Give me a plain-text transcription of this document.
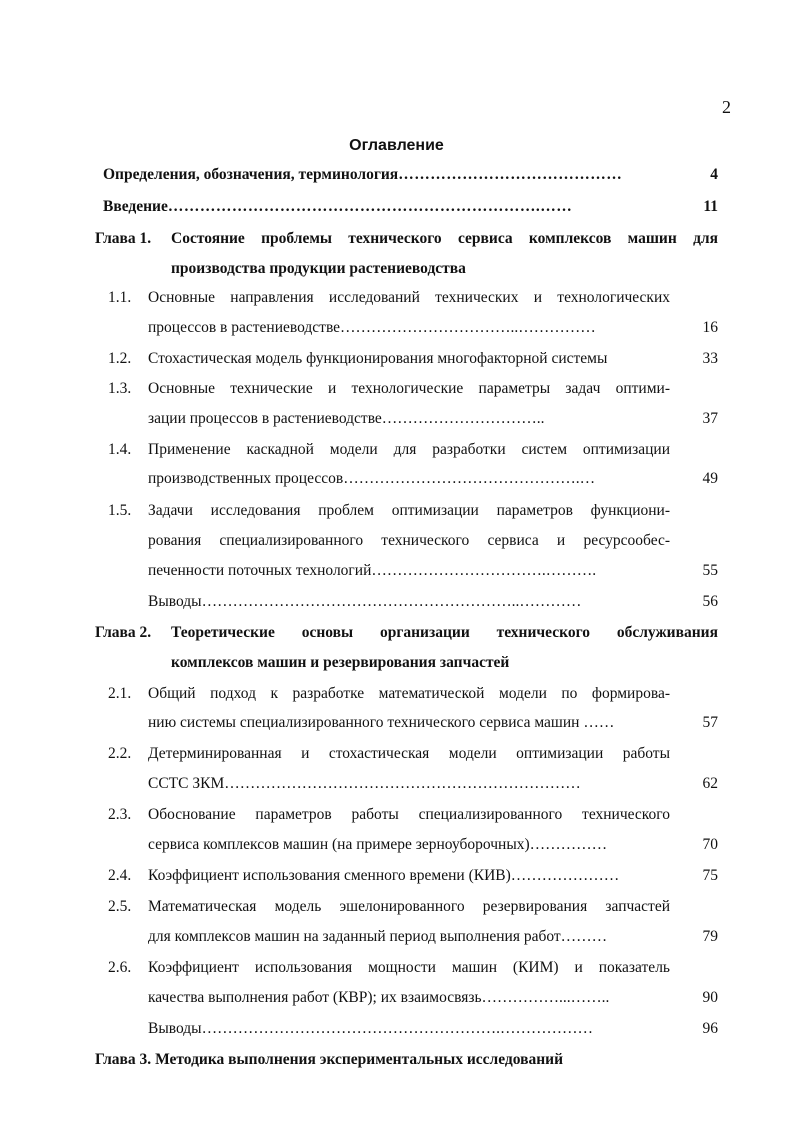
2
Оглавление
Определения, обозначения, терминология……………………………………	4
Введение…………………………………………………………….……	11
Глава 1. Состояние проблемы технического сервиса комплексов машин для
производства продукции растениеводства
1.1. Основные направления исследований технических и технологических
процессов в растениеводстве……………………………..……………	16
1.2. Стохастическая модель функционирования многофакторной системы	33
1.3. Основные технические и технологические параметры задач оптими-
зации процессов в растениеводстве…………………………..	37
1.4. Применение каскадной модели для разработки систем оптимизации
производственных процессов……………………………………….…	49
1.5. Задачи исследования проблем оптимизации параметров функциони-
рования специализированного технического сервиса и ресурсообес-
печенности поточных технологий…………………………….……….	55
Выводы……………………………………………………..…………	56
Глава 2. Теоретические основы организации технического обслуживания
комплексов машин и резервирования запчастей
2.1. Общий подход к разработке математической модели по формирова-
нию системы специализированного технического сервиса машин ……	57
2.2. Детерминированная и стохастическая модели оптимизации работы
ССТС ЗКМ……………………………………………………………	62
2.3. Обоснование параметров работы специализированного технического
сервиса комплексов машин (на примере зерноуборочных)……………	70
2.4. Коэффициент использования сменного времени (КИВ)…………………	75
2.5. Математическая модель эшелонированного резервирования запчастей
для комплексов машин на заданный период выполнения работ………	79
2.6. Коэффициент использования мощности машин (КИМ) и показатель
качества выполнения работ (КВР); их взаимосвязь……………...……..	90
Выводы………………………………………………….………………	96
Глава 3. Методика выполнения экспериментальных исследований
